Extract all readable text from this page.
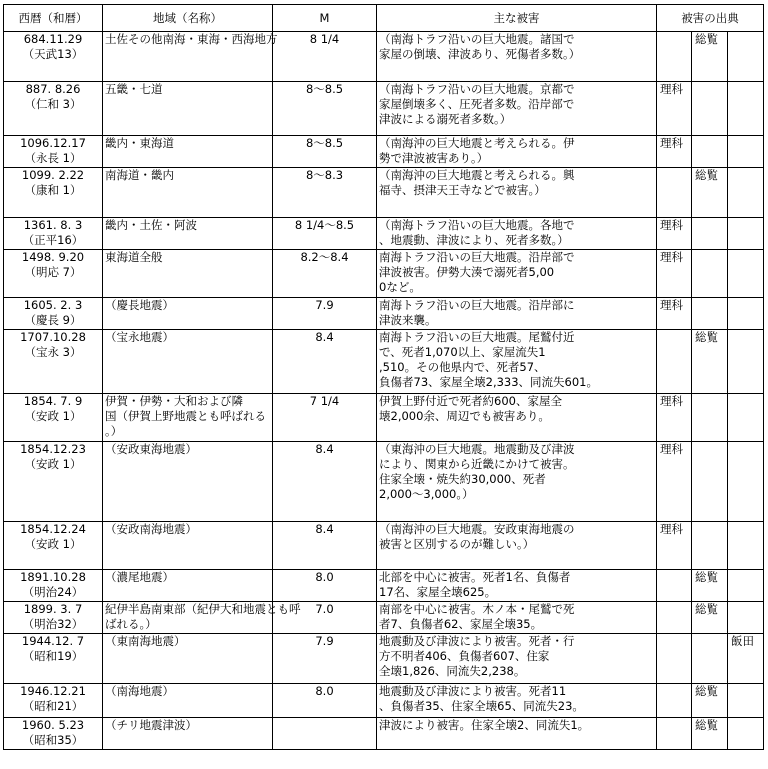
西暦（和暦）	地域（名称）	M	主な被害	被害の出典		

684.11.29
（天武13）	土佐その他南海・東海・西海地方	8 1/4	（南海トラフ沿いの巨大地震。諸国で
家屋の倒壊、津波あり、死傷者多数。）		総覧	

887. 8.26
（仁和 3）	五畿・七道	8～8.5	（南海トラフ沿いの巨大地震。京都で
家屋倒壊多く、圧死者多数。沿岸部で
津波による溺死者多数。）	理科		

1096.12.17
（永長 1）	畿内・東海道	8～8.5	（南海沖の巨大地震と考えられる。伊
勢で津波被害あり。）	理科		

1099. 2.22
（康和 1）	南海道・畿内	8～8.3	（南海沖の巨大地震と考えられる。興
福寺、摂津天王寺などで被害。）		総覧	

1361. 8. 3
（正平16）	畿内・土佐・阿波	8 1/4～8.5	（南海トラフ沿いの巨大地震。各地で
、地震動、津波により、死者多数。）	理科		

1498. 9.20
（明応 7）	東海道全般	8.2～8.4	南海トラフ沿いの巨大地震。沿岸部で
津波被害。伊勢大湊で溺死者5,00
0など。	理科		

1605. 2. 3
（慶長 9）	（慶長地震）	7.9	南海トラフ沿いの巨大地震。沿岸部に
津波来襲。	理科		

1707.10.28
（宝永 3）	（宝永地震）	8.4	南海トラフ沿いの巨大地震。尾鷲付近
で、死者1,070以上、家屋流失1
,510。その他県内で、死者57、
負傷者73、家屋全壊2,333、同流失601。		総覧	

1854. 7. 9
（安政 1）	伊賀・伊勢・大和および隣
国（伊賀上野地震とも呼ばれる
。）	7 1/4	伊賀上野付近で死者約600、家屋全
壊2,000余、周辺でも被害あり。	理科		

1854.12.23
（安政 1）	（安政東海地震）	8.4	（東海沖の巨大地震。地震動及び津波
により、関東から近畿にかけて被害。
住家全壊・焼失約30,000、死者
2,000～3,000。）	理科		

1854.12.24
（安政 1）	（安政南海地震）	8.4	（南海沖の巨大地震。安政東海地震の
被害と区別するのが難しい。）	理科		

1891.10.28
（明治24）	（濃尾地震）	8.0	北部を中心に被害。死者1名、負傷者
17名、家屋全壊625。		総覧	

1899. 3. 7
（明治32）	紀伊半島南東部（紀伊大和地震とも呼
ばれる。）	7.0	南部を中心に被害。木ノ本・尾鷲で死
者7、負傷者62、家屋全壊35。		総覧	

1944.12. 7
（昭和19）	（東南海地震）	7.9	地震動及び津波により被害。死者・行
方不明者406、負傷者607、住家
全壊1,826、同流失2,238。			飯田

1946.12.21
（昭和21）	（南海地震）	8.0	地震動及び津波により被害。死者11
、負傷者35、住家全壊65、同流失23。		総覧	

1960. 5.23
（昭和35）	（チリ地震津波）		津波により被害。住家全壊2、同流失1。		総覧	
